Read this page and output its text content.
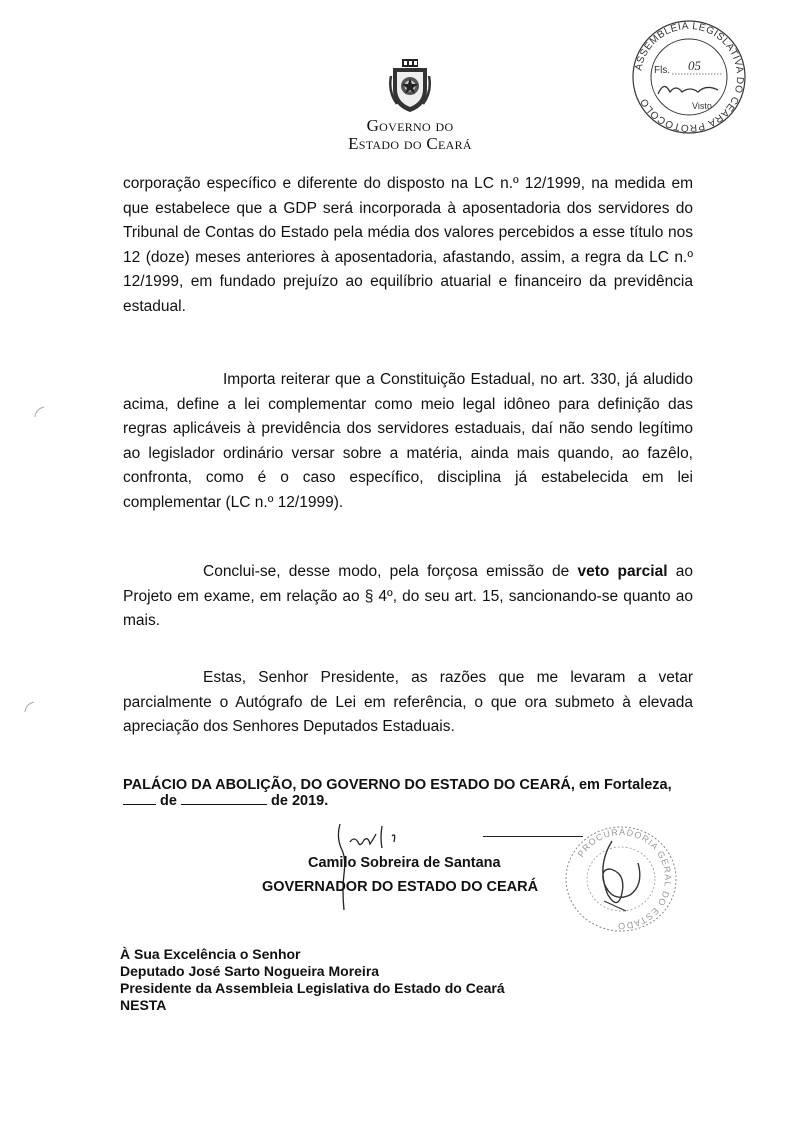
Governo do
Estado do Ceará
ASSEMBLEIA LEGISLATIVA DO CEARÁ PROTOCOLO
Fls. 05
Visto

corporação específico e diferente do disposto na LC n.º 12/1999, na medida em que estabelece que a GDP será incorporada à aposentadoria dos servidores do Tribunal de Contas do Estado pela média dos valores percebidos a esse título nos 12 (doze) meses anteriores à aposentadoria, afastando, assim, a regra da LC n.º 12/1999, em fundado prejuízo ao equilíbrio atuarial e financeiro da previdência estadual.

Importa reiterar que a Constituição Estadual, no art. 330, já aludido acima, define a lei complementar como meio legal idôneo para definição das regras aplicáveis à previdência dos servidores estaduais, daí não sendo legítimo ao legislador ordinário versar sobre a matéria, ainda mais quando, ao fazêlo, confronta, como é o caso específico, disciplina já estabelecida em lei complementar (LC n.º 12/1999).

Conclui-se, desse modo, pela forçosa emissão de veto parcial ao Projeto em exame, em relação ao § 4º, do seu art. 15, sancionando-se quanto ao mais.

Estas, Senhor Presidente, as razões que me levaram a vetar parcialmente o Autógrafo de Lei em referência, o que ora submeto à elevada apreciação dos Senhores Deputados Estaduais.

PALÁCIO DA ABOLIÇÃO, DO GOVERNO DO ESTADO DO CEARÁ, em Fortaleza,
de	de 2019.
Camilo Sobreira de Santana
GOVERNADOR DO ESTADO DO CEARÁ
PROCURADORIA GERAL DO ESTADO
À Sua Excelência o Senhor
Deputado José Sarto Nogueira Moreira
Presidente da Assembleia Legislativa do Estado do Ceará
NESTA
